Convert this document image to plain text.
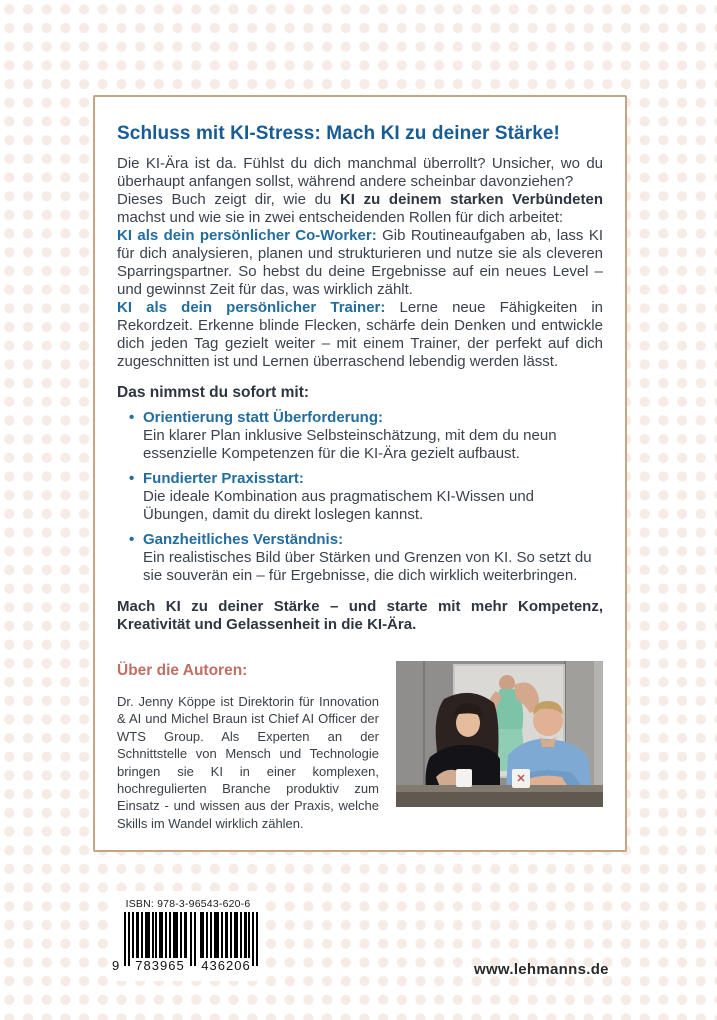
Schluss mit KI-Stress: Mach KI zu deiner Stärke!

Die KI-Ära ist da. Fühlst du dich manchmal überrollt? Unsicher, wo du überhaupt anfangen sollst, während andere scheinbar davonziehen?

Dieses Buch zeigt dir, wie du KI zu deinem starken Verbündeten machst und wie sie in zwei entscheidenden Rollen für dich arbeitet:

KI als dein persönlicher Co-Worker: Gib Routineaufgaben ab, lass KI für dich analysieren, planen und strukturieren und nutze sie als cleveren Sparringspartner. So hebst du deine Ergebnisse auf ein neues Level – und gewinnst Zeit für das, was wirklich zählt.

KI als dein persönlicher Trainer: Lerne neue Fähigkeiten in Rekordzeit. Erkenne blinde Flecken, schärfe dein Denken und entwickle dich jeden Tag gezielt weiter – mit einem Trainer, der perfekt auf dich zugeschnitten ist und Lernen überraschend lebendig werden lässt.

Das nimmst du sofort mit:
• Orientierung statt Überforderung:
Ein klarer Plan inklusive Selbsteinschätzung, mit dem du neun essenzielle Kompetenzen für die KI-Ära gezielt aufbaust.
• Fundierter Praxisstart:
Die ideale Kombination aus pragmatischem KI-Wissen und Übungen, damit du direkt loslegen kannst.
• Ganzheitliches Verständnis:
Ein realistisches Bild über Stärken und Grenzen von KI. So setzt du sie souverän ein – für Ergebnisse, die dich wirklich weiterbringen.

Mach KI zu deiner Stärke – und starte mit mehr Kompetenz, Kreativität und Gelassenheit in die KI-Ära.

Über die Autoren:

Dr. Jenny Köppe ist Direktorin für Innovation & AI und Michel Braun ist Chief AI Officer der WTS Group. Als Experten an der Schnittstelle von Mensch und Technologie bringen sie KI in einer komplexen, hochregulierten Branche produktiv zum Einsatz - und wissen aus der Praxis, welche Skills im Wandel wirklich zählen.

ISBN: 978-3-96543-620-6
9 783965 436206	www.lehmanns.de
